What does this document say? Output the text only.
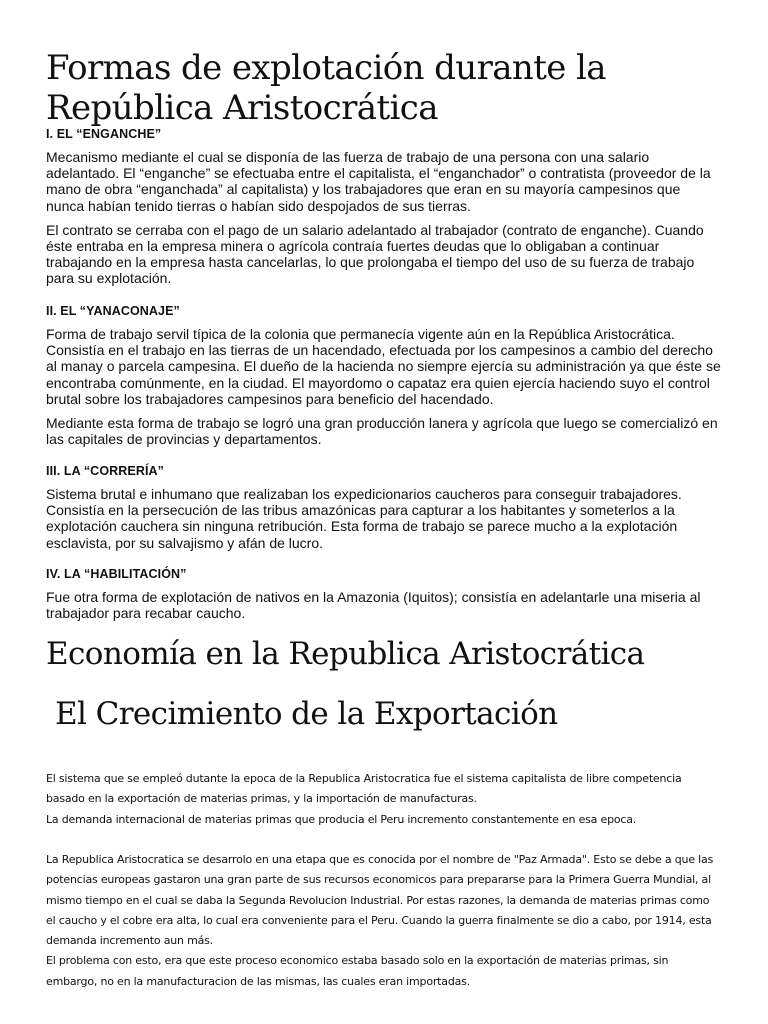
Formas de explotación durante la República Aristocrática
I. EL “ENGANCHE”

Mecanismo mediante el cual se disponía de las fuerza de trabajo de una persona con una salario adelantado. El “enganche” se efectuaba entre el capitalista, el “enganchador” o contratista (proveedor de la mano de obra “enganchada” al capitalista) y los trabajadores que eran en su mayoría campesinos que nunca habían tenido tierras o habían sido despojados de sus tierras.

El contrato se cerraba con el pago de un salario adelantado al trabajador (contrato de enganche). Cuando éste entraba en la empresa minera o agrícola contraía fuertes deudas que lo obligaban a continuar trabajando en la empresa hasta cancelarlas, lo que prolongaba el tiempo del uso de su fuerza de trabajo para su explotación.

II. EL “YANACONAJE”

Forma de trabajo servil típica de la colonia que permanecía vigente aún en la República Aristocrática. Consistía en el trabajo en las tierras de un hacendado, efectuada por los campesinos a cambio del derecho al manay o parcela campesina. El dueño de la hacienda no siempre ejercía su administración ya que éste se encontraba comúnmente, en la ciudad. El mayordomo o capataz era quien ejercía haciendo suyo el control brutal sobre los trabajadores campesinos para beneficio del hacendado.

Mediante esta forma de trabajo se logró una gran producción lanera y agrícola que luego se comercializó en las capitales de provincias y departamentos.

III. LA “CORRERÍA”

Sistema brutal e inhumano que realizaban los expedicionarios caucheros para conseguir trabajadores. Consistía en la persecución de las tribus amazónicas para capturar a los habitantes y someterlos a la explotación cauchera sin ninguna retribución. Esta forma de trabajo se parece mucho a la explotación esclavista, por su salvajismo y afán de lucro.

IV. LA “HABILITACIÓN”

Fue otra forma de explotación de nativos en la Amazonia (Iquitos); consistía en adelantarle una miseria al trabajador para recabar caucho.

Economía en la Republica Aristocrática
El Crecimiento de la Exportación

El sistema que se empleó dutante la epoca de la Republica Aristocratica fue el sistema capitalista de libre competencia basado en la exportación de materias primas, y la importación de manufacturas.

La demanda internacional de materias primas que producia el Peru incremento constantemente en esa epoca.

La Republica Aristocratica se desarrolo en una etapa que es conocida por el nombre de "Paz Armada". Esto se debe a que las potencias europeas gastaron una gran parte de sus recursos economicos para prepararse para la Primera Guerra Mundial, al mismo tiempo en el cual se daba la Segunda Revolucion Industrial. Por estas razones, la demanda de materias primas como el caucho y el cobre era alta, lo cual era conveniente para el Peru. Cuando la guerra finalmente se dio a cabo, por 1914, esta demanda incremento aun más.

El problema con esto, era que este proceso economico estaba basado solo en la exportación de materias primas, sin embargo, no en la manufacturacion de las mismas, las cuales eran importadas.
